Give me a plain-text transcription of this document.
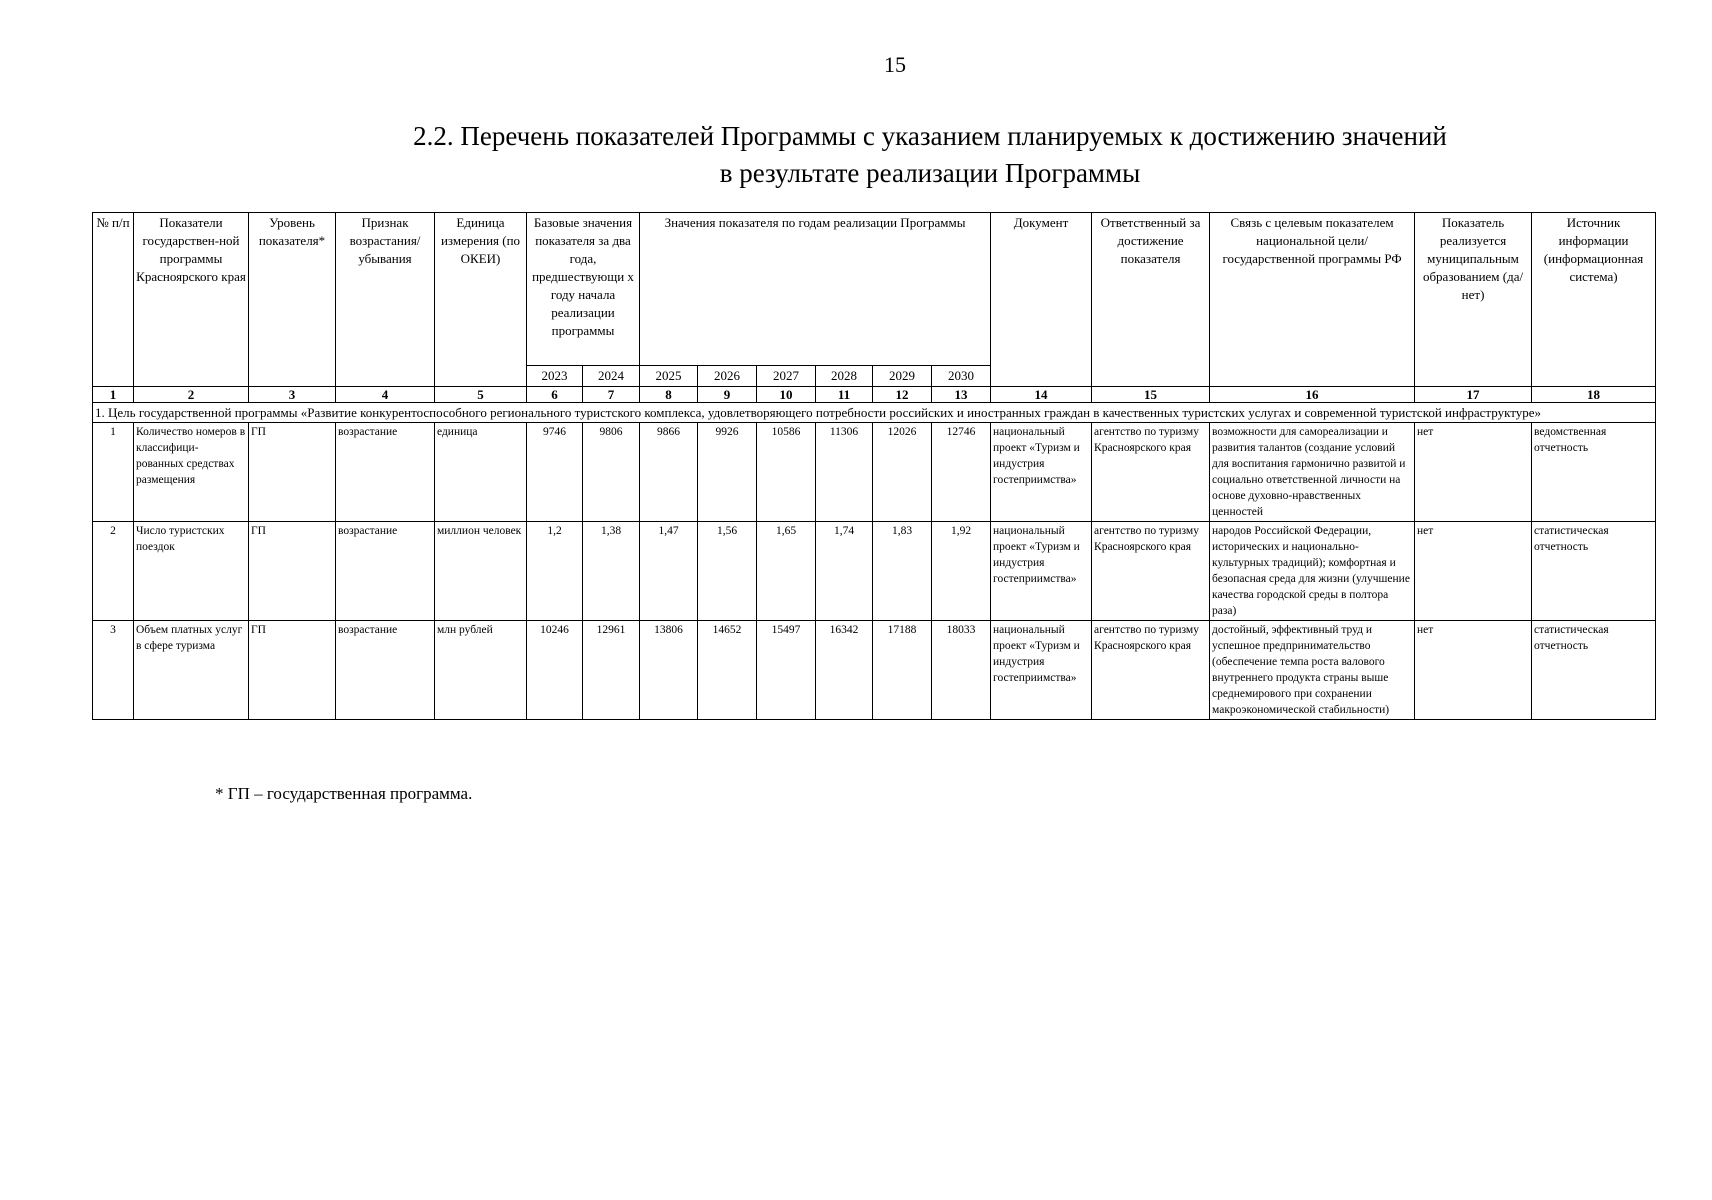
15
2.2. Перечень показателей Программы с указанием планируемых к достижению значений
в результате реализации Программы
№ п/п	Показатели государствен-ной программы Красноярского края	Уровень показателя*	Признак возрастания/ убывания	Единица измерения (по ОКЕИ)	Базовые значения показателя за два года, предшествующи х году начала реализации программы		Значения показателя по годам реализации Программы						Документ	Ответственный за достижение показателя	Связь с целевым показателем национальной цели/государственной программы РФ	Показатель реализуется муниципальным образованием (да/нет)	Источник информации (информационная система)
					2023	2024	2025	2026	2027	2028	2029	2030					
1	2	3	4	5	6	7	8	9	10	11	12	13	14	15	16	17	18
1. Цель государственной программы «Развитие конкурентоспособного регионального туристского комплекса, удовлетворяющего потребности российских и иностранных граждан в качественных туристских услугах и современной туристской инфраструктуре»																	
1	Количество номеров в классифици-рованных средствах размещения	ГП	возрастание	единица	9746	9806	9866	9926	10586	11306	12026	12746	национальный проект «Туризм и индустрия гостеприимства»	агентство по туризму Красноярского края	возможности для самореализации и развития талантов (создание условий для воспитания гармонично развитой и социально ответственной личности на основе духовно-нравственных ценностей	нет	ведомственная отчетность
2	Число туристских поездок	ГП	возрастание	миллион человек	1,2	1,38	1,47	1,56	1,65	1,74	1,83	1,92	национальный проект «Туризм и индустрия гостеприимства»	агентство по туризму Красноярского края	народов Российской Федерации, исторических и национально-культурных традиций); комфортная и безопасная среда для жизни (улучшение качества городской среды в полтора раза)	нет	статистическая отчетность
3	Объем платных услуг в сфере туризма	ГП	возрастание	млн рублей	10246	12961	13806	14652	15497	16342	17188	18033	национальный проект «Туризм и индустрия гостеприимства»	агентство по туризму Красноярского края	достойный, эффективный труд и успешное предпринимательство (обеспечение темпа роста валового внутреннего продукта страны выше среднемирового при сохранении макроэкономической стабильности)	нет	статистическая отчетность
* ГП – государственная программа.
